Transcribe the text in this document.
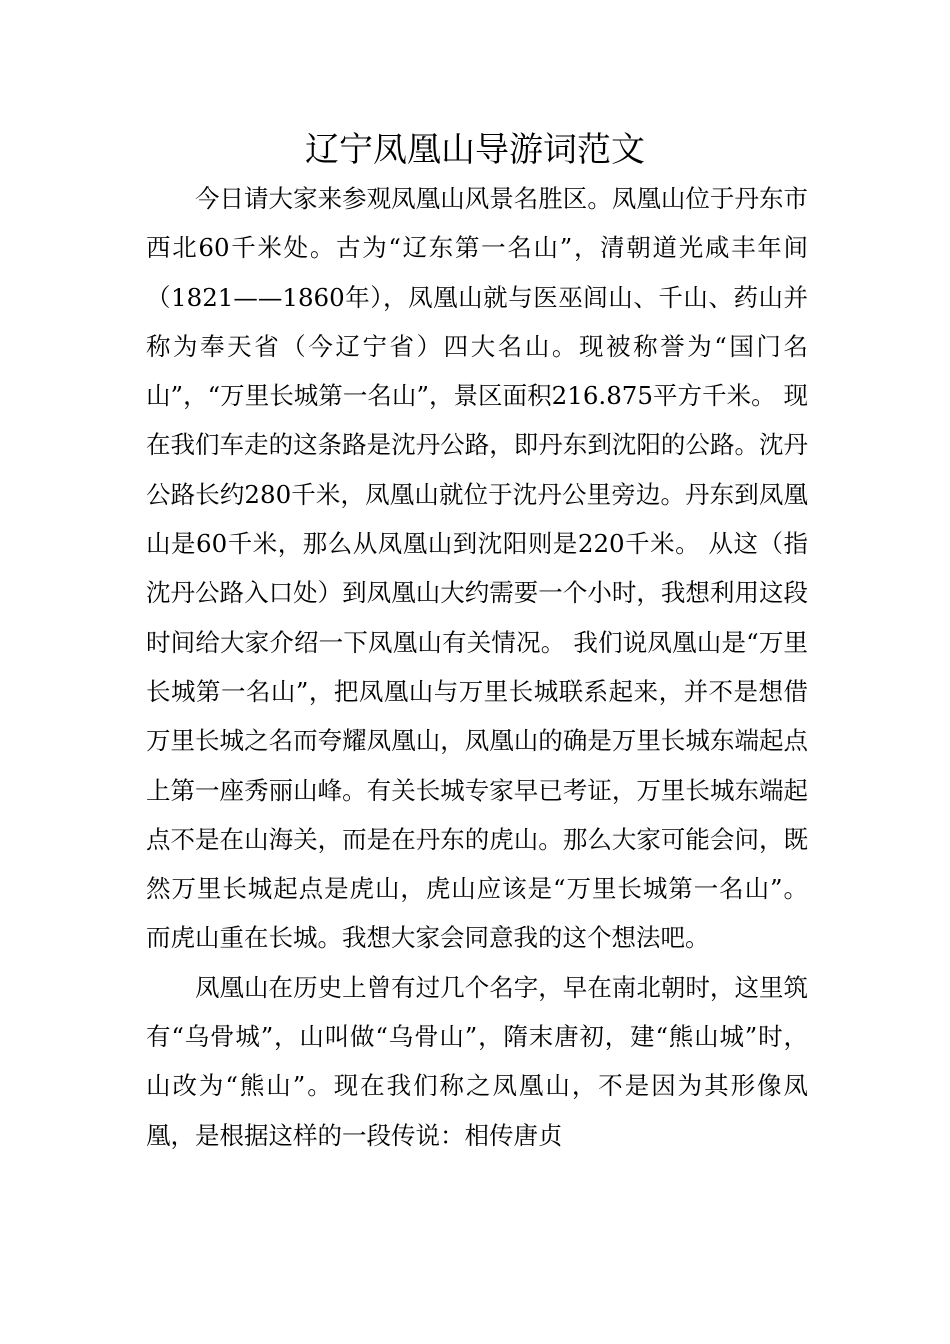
辽宁凤凰山导游词范文

今日请大家来参观凤凰山风景名胜区。凤凰山位于丹东市西北60千米处。古为“辽东第一名山”，清朝道光咸丰年间（1821——1860年），凤凰山就与医巫闾山、千山、药山并称为奉天省（今辽宁省）四大名山。现被称誉为“国门名山”，“万里长城第一名山”，景区面积216.875平方千米。 现在我们车走的这条路是沈丹公路，即丹东到沈阳的公路。沈丹公路长约280千米，凤凰山就位于沈丹公里旁边。丹东到凤凰山是60千米，那么从凤凰山到沈阳则是220千米。 从这（指沈丹公路入口处）到凤凰山大约需要一个小时，我想利用这段时间给大家介绍一下凤凰山有关情况。 我们说凤凰山是“万里长城第一名山”，把凤凰山与万里长城联系起来，并不是想借万里长城之名而夸耀凤凰山，凤凰山的确是万里长城东端起点上第一座秀丽山峰。有关长城专家早已考证，万里长城东端起点不是在山海关，而是在丹东的虎山。那么大家可能会问，既然万里长城起点是虎山，虎山应该是“万里长城第一名山”。而虎山重在长城。我想大家会同意我的这个想法吧。

凤凰山在历史上曾有过几个名字，早在南北朝时，这里筑有“乌骨城”，山叫做“乌骨山”，隋末唐初，建“熊山城”时，山改为“熊山”。现在我们称之凤凰山，不是因为其形像凤凰，是根据这样的一段传说：相传唐贞
